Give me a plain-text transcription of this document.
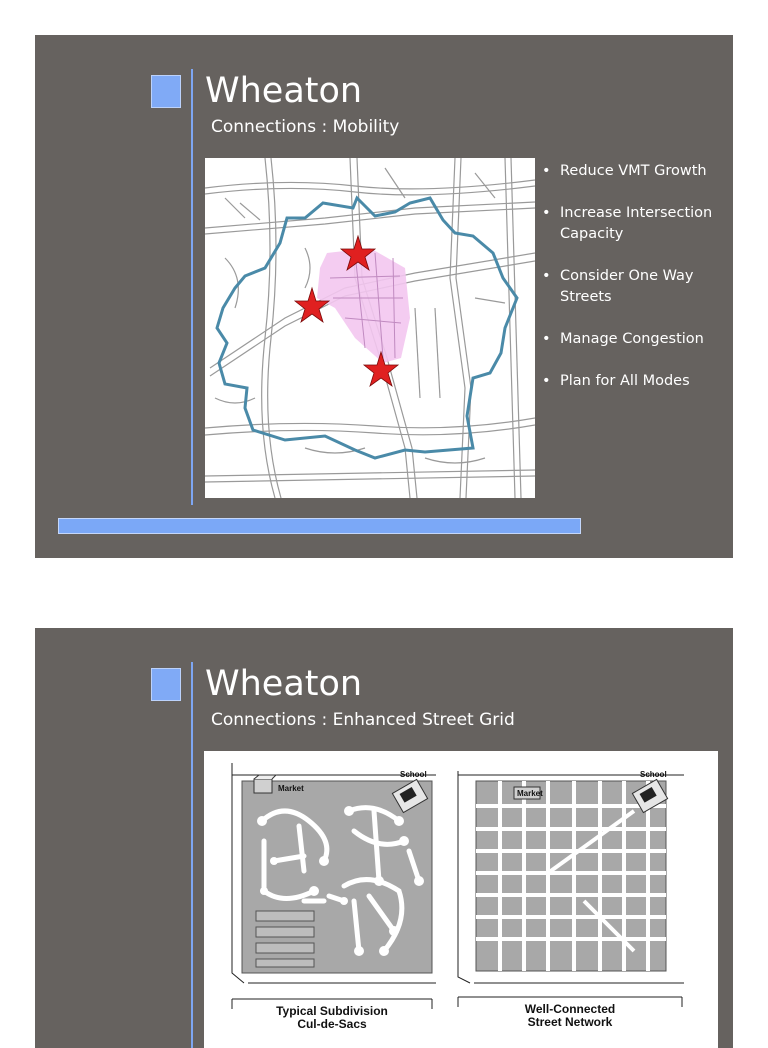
Wheaton
Connections : Mobility
• Reduce VMT Growth
• Increase Intersection Capacity
• Consider One Way Streets
• Manage Congestion
• Plan for All Modes
Wheaton
Connections : Enhanced Street Grid
Market
School
Typical Subdivision
Cul-de-Sacs
Market
School
Well-Connected
Street Network
